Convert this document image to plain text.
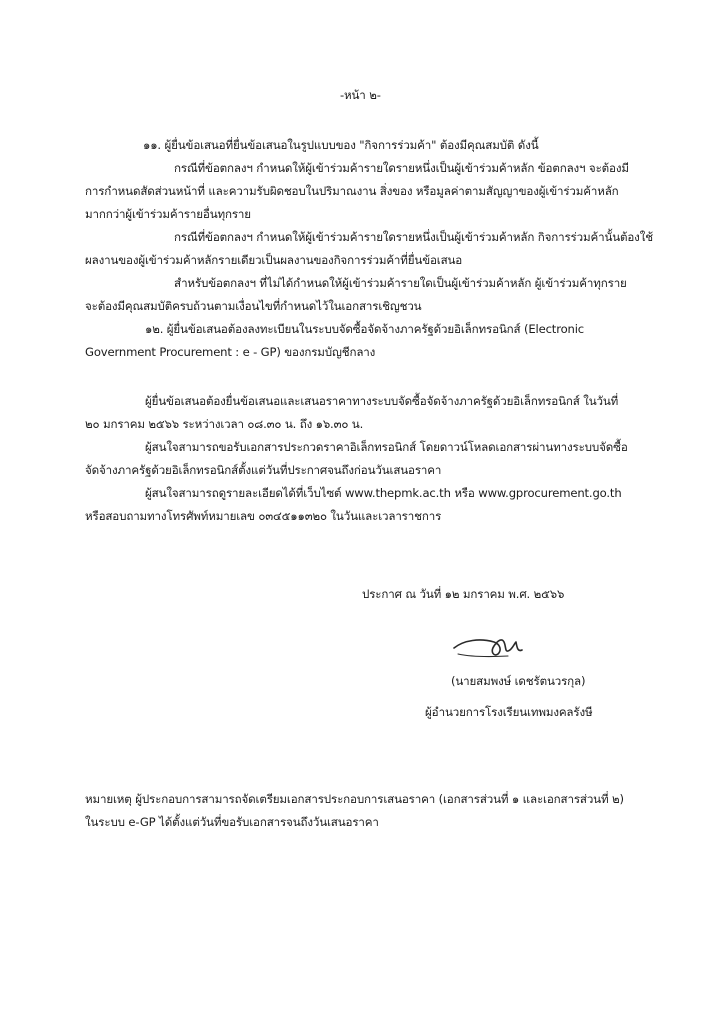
-หน้า ๒-
๑๑. ผู้ยื่นข้อเสนอที่ยื่นข้อเสนอในรูปแบบของ "กิจการร่วมค้า" ต้องมีคุณสมบัติ ดังนี้
กรณีที่ข้อตกลงฯ กำหนดให้ผู้เข้าร่วมค้ารายใดรายหนึ่งเป็นผู้เข้าร่วมค้าหลัก ข้อตกลงฯ จะต้องมี
การกำหนดสัดส่วนหน้าที่ และความรับผิดชอบในปริมาณงาน สิ่งของ หรือมูลค่าตามสัญญาของผู้เข้าร่วมค้าหลัก
มากกว่าผู้เข้าร่วมค้ารายอื่นทุกราย
กรณีที่ข้อตกลงฯ กำหนดให้ผู้เข้าร่วมค้ารายใดรายหนึ่งเป็นผู้เข้าร่วมค้าหลัก กิจการร่วมค้านั้นต้องใช้
ผลงานของผู้เข้าร่วมค้าหลักรายเดียวเป็นผลงานของกิจการร่วมค้าที่ยื่นข้อเสนอ
สำหรับข้อตกลงฯ ที่ไม่ได้กำหนดให้ผู้เข้าร่วมค้ารายใดเป็นผู้เข้าร่วมค้าหลัก ผู้เข้าร่วมค้าทุกราย
จะต้องมีคุณสมบัติครบถ้วนตามเงื่อนไขที่กำหนดไว้ในเอกสารเชิญชวน
๑๒. ผู้ยื่นข้อเสนอต้องลงทะเบียนในระบบจัดซื้อจัดจ้างภาครัฐด้วยอิเล็กทรอนิกส์ (Electronic
Government Procurement : e - GP) ของกรมบัญชีกลาง
ผู้ยื่นข้อเสนอต้องยื่นข้อเสนอและเสนอราคาทางระบบจัดซื้อจัดจ้างภาครัฐด้วยอิเล็กทรอนิกส์ ในวันที่
๒๐ มกราคม ๒๕๖๖ ระหว่างเวลา ๐๘.๓๐ น. ถึง ๑๖.๓๐ น.
ผู้สนใจสามารถขอรับเอกสารประกวดราคาอิเล็กทรอนิกส์ โดยดาวน์โหลดเอกสารผ่านทางระบบจัดซื้อ
จัดจ้างภาครัฐด้วยอิเล็กทรอนิกส์ตั้งแต่วันที่ประกาศจนถึงก่อนวันเสนอราคา
ผู้สนใจสามารถดูรายละเอียดได้ที่เว็บไซต์ www.thepmk.ac.th หรือ www.gprocurement.go.th
หรือสอบถามทางโทรศัพท์หมายเลข ๐๓๔๕๑๑๓๒๐ ในวันและเวลาราชการ
ประกาศ ณ วันที่ ๑๒ มกราคม พ.ศ. ๒๕๖๖
(นายสมพงษ์ เดชรัตนวรกุล)
ผู้อำนวยการโรงเรียนเทพมงคลรังษี
หมายเหตุ ผู้ประกอบการสามารถจัดเตรียมเอกสารประกอบการเสนอราคา (เอกสารส่วนที่ ๑ และเอกสารส่วนที่ ๒)
ในระบบ e-GP ได้ตั้งแต่วันที่ขอรับเอกสารจนถึงวันเสนอราคา
